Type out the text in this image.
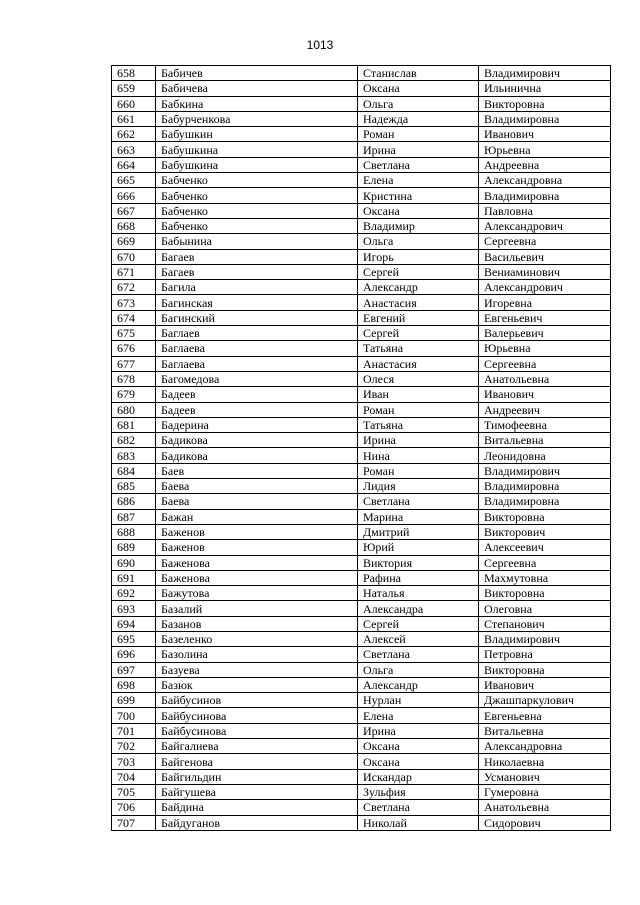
1013
658	Бабичев	Станислав	Владимирович
659	Бабичева	Оксана	Ильинична
660	Бабкина	Ольга	Викторовна
661	Бабурченкова	Надежда	Владимировна
662	Бабушкин	Роман	Иванович
663	Бабушкина	Ирина	Юрьевна
664	Бабушкина	Светлана	Андреевна
665	Бабченко	Елена	Александровна
666	Бабченко	Кристина	Владимировна
667	Бабченко	Оксана	Павловна
668	Бабченко	Владимир	Александрович
669	Бабынина	Ольга	Сергеевна
670	Багаев	Игорь	Васильевич
671	Багаев	Сергей	Вениаминович
672	Багила	Александр	Александрович
673	Багинская	Анастасия	Игоревна
674	Багинский	Евгений	Евгеньевич
675	Баглаев	Сергей	Валерьевич
676	Баглаева	Татьяна	Юрьевна
677	Баглаева	Анастасия	Сергеевна
678	Багомедова	Олеся	Анатольевна
679	Бадеев	Иван	Иванович
680	Бадеев	Роман	Андреевич
681	Бадерина	Татьяна	Тимофеевна
682	Бадикова	Ирина	Витальевна
683	Бадикова	Нина	Леонидовна
684	Баев	Роман	Владимирович
685	Баева	Лидия	Владимировна
686	Баева	Светлана	Владимировна
687	Бажан	Марина	Викторовна
688	Баженов	Дмитрий	Викторович
689	Баженов	Юрий	Алексеевич
690	Баженова	Виктория	Сергеевна
691	Баженова	Рафина	Махмутовна
692	Бажутова	Наталья	Викторовна
693	Базалий	Александра	Олеговна
694	Базанов	Сергей	Степанович
695	Базеленко	Алексей	Владимирович
696	Базолина	Светлана	Петровна
697	Базуева	Ольга	Викторовна
698	Базюк	Александр	Иванович
699	Байбусинов	Нурлан	Джашпаркулович
700	Байбусинова	Елена	Евгеньевна
701	Байбусинова	Ирина	Витальевна
702	Байгалиева	Оксана	Александровна
703	Байгенова	Оксана	Николаевна
704	Байгильдин	Искандар	Усманович
705	Байгушева	Зульфия	Гумеровна
706	Байдина	Светлана	Анатольевна
707	Байдуганов	Николай	Сидорович
